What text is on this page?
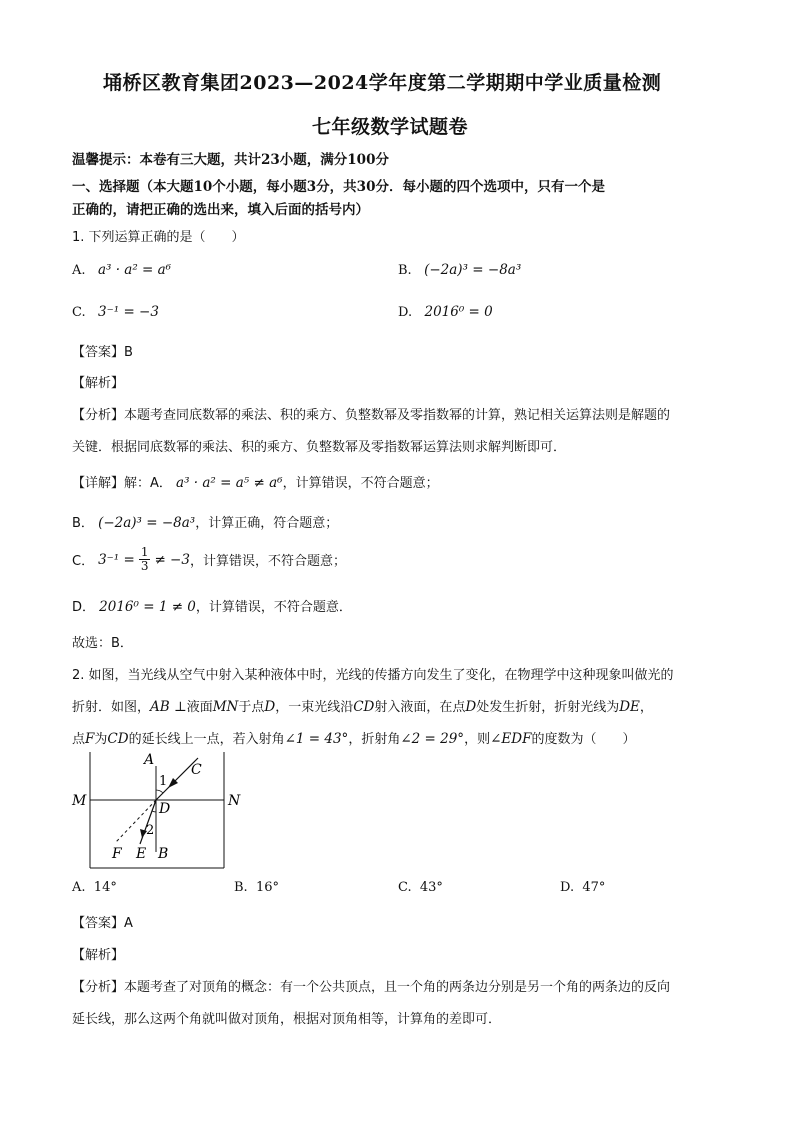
埇桥区教育集团2023—2024学年度第二学期期中学业质量检测
七年级数学试题卷
温馨提示：本卷有三大题，共计23小题，满分100分
一、选择题（本大题10个小题，每小题3分，共30分．每小题的四个选项中，只有一个是
正确的，请把正确的选出来，填入后面的括号内）
1. 下列运算正确的是（　　）
A. a³ · a² = a⁶	B. (−2a)³ = −8a³
C. 3⁻¹ = −3	D. 2016⁰ = 0
【答案】B
【解析】
【分析】本题考查同底数幂的乘法、积的乘方、负整数幂及零指数幂的计算，熟记相关运算法则是解题的
关键．根据同底数幂的乘法、积的乘方、负整数幂及零指数幂运算法则求解判断即可．
【详解】解：A． a³ · a² = a⁵ ≠ a⁶，计算错误，不符合题意；
B． (−2a)³ = −8a³，计算正确，符合题意；
C． $3^{-1} = \frac{1}{3} \ne -3$ ，计算错误，不符合题意；
D． 2016⁰ = 1 ≠ 0，计算错误，不符合题意．
故选：B．
2. 如图，当光线从空气中射入某种液体中时，光线的传播方向发生了变化，在物理学中这种现象叫做光的
折射．如图，AB ⊥液面MN于点D，一束光线沿CD射入液面，在点D处发生折射，折射光线为DE，
点F为CD的延长线上一点，若入射角∠1 = 43°，折射角∠2 = 29°，则∠EDF的度数为（　　）
A
C
M	N
1
D
2
F E B
A. 14°	B. 16°	C. 43°	D. 47°
【答案】A
【解析】
【分析】本题考查了对顶角的概念：有一个公共顶点，且一个角的两条边分别是另一个角的两条边的反向
延长线，那么这两个角就叫做对顶角，根据对顶角相等，计算角的差即可．
